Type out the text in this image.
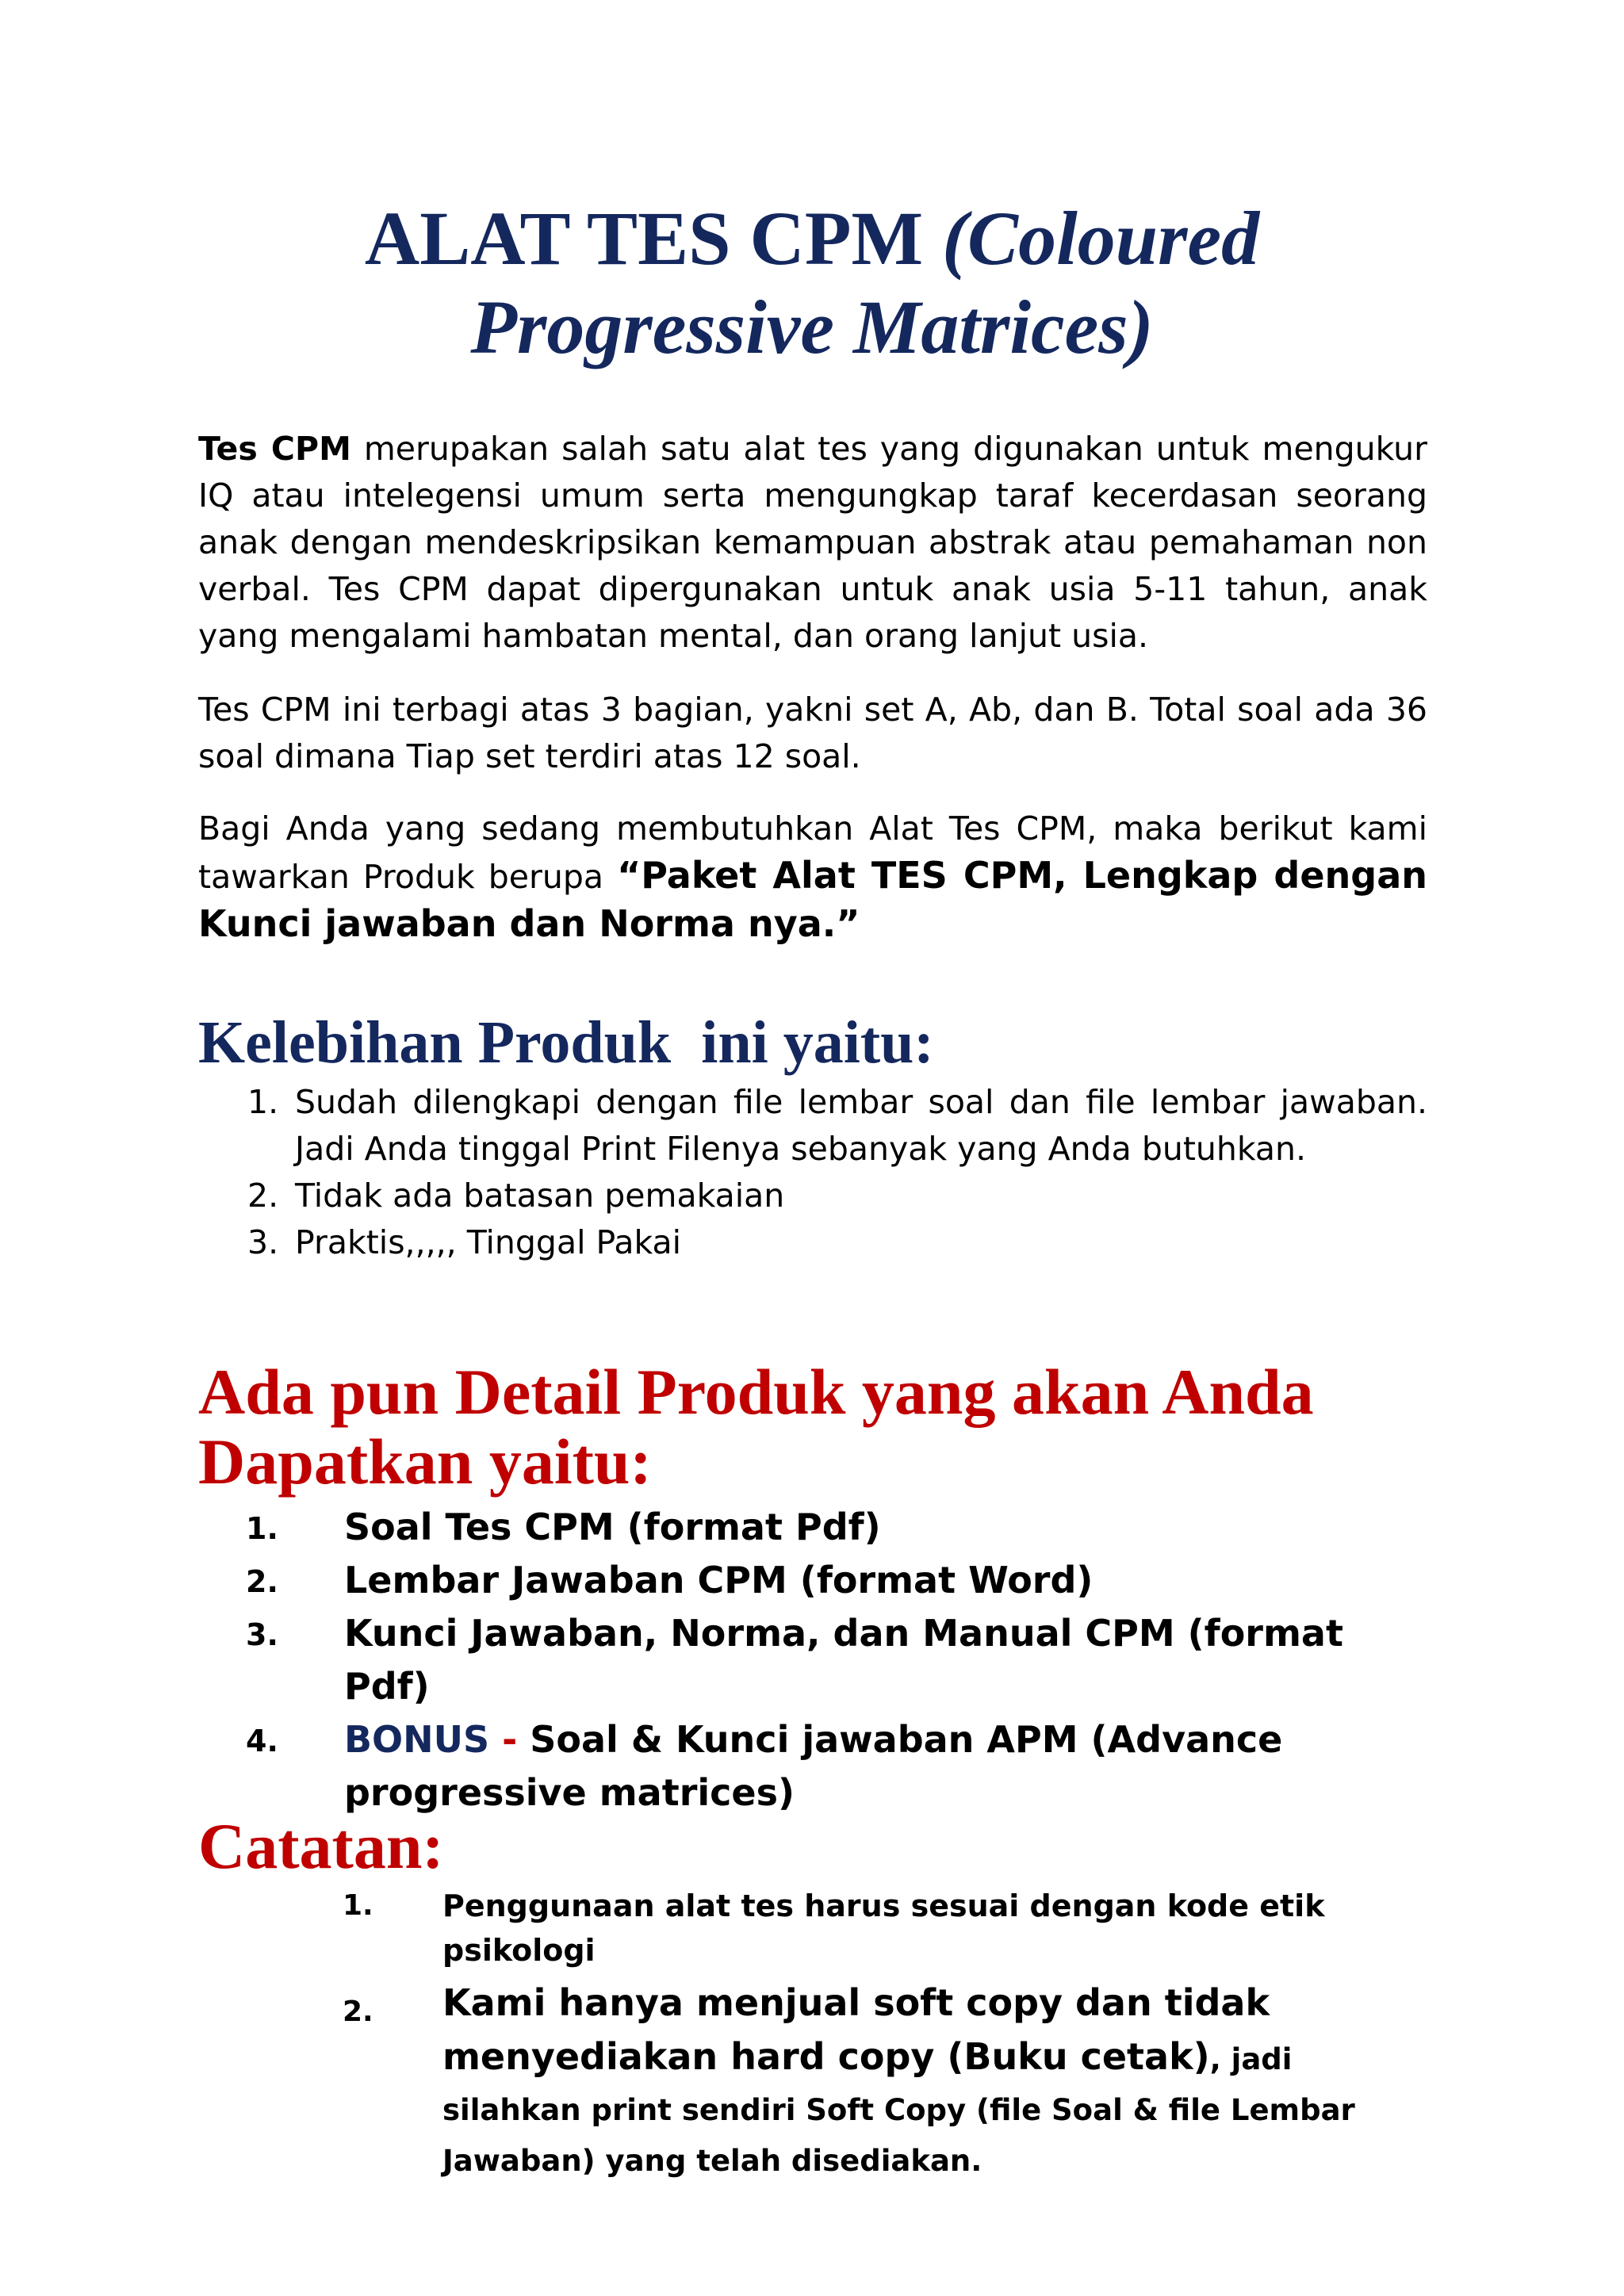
ALAT TES CPM (Coloured
Progressive Matrices)

Tes CPM merupakan salah satu alat tes yang digunakan untuk mengukur IQ atau intelegensi umum serta mengungkap taraf kecerdasan seorang anak dengan mendeskripsikan kemampuan abstrak atau pemahaman non verbal. Tes CPM dapat dipergunakan untuk anak usia 5-11 tahun, anak yang mengalami hambatan mental, dan orang lanjut usia.

Tes CPM ini terbagi atas 3 bagian, yakni set A, Ab, dan B. Total soal ada 36 soal dimana Tiap set terdiri atas 12 soal.

Bagi Anda yang sedang membutuhkan Alat Tes CPM, maka berikut kami tawarkan Produk berupa “Paket Alat TES CPM, Lengkap dengan Kunci jawaban dan Norma nya.”

Kelebihan Produk  ini yaitu:
1. Sudah dilengkapi dengan file lembar soal dan file lembar jawaban. Jadi Anda tinggal Print Filenya sebanyak yang Anda butuhkan.
2. Tidak ada batasan pemakaian
3. Praktis,,,,, Tinggal Pakai
Ada pun Detail Produk yang akan Anda Dapatkan yaitu:
1. Soal Tes CPM (format Pdf)
2. Lembar Jawaban CPM (format Word)
3. Kunci Jawaban, Norma, dan Manual CPM (format Pdf)
4. BONUS - Soal & Kunci jawaban APM (Advance progressive matrices)
Catatan:
1. Penggunaan alat tes harus sesuai dengan kode etik psikologi
2. Kami hanya menjual soft copy dan tidak menyediakan hard copy (Buku cetak), jadi silahkan print sendiri Soft Copy (file Soal & file Lembar Jawaban) yang telah disediakan.
